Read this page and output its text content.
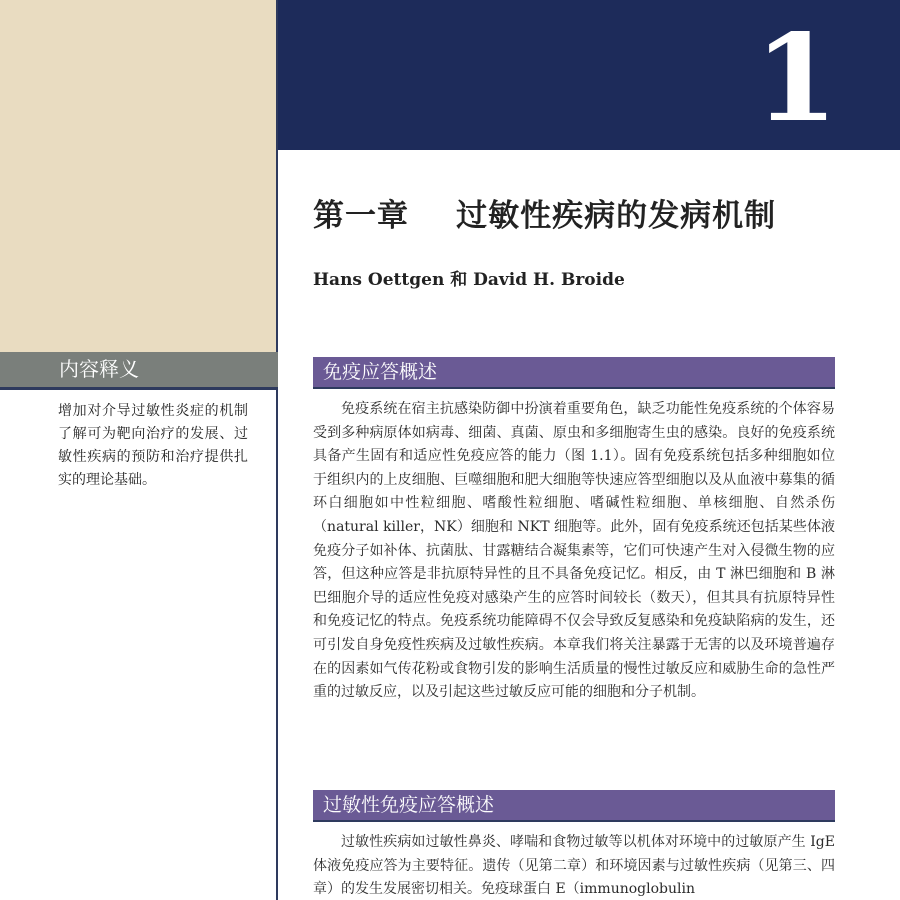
内容释义
增加对介导过敏性炎症的机制了解可为靶向治疗的发展、过敏性疾病的预防和治疗提供扎实的理论基础。
1
第一章    过敏性疾病的发病机制
Hans Oettgen 和 David H. Broide
免疫应答概述
免疫系统在宿主抗感染防御中扮演着重要角色，缺乏功能性免疫系统的个体容易受到多种病原体如病毒、细菌、真菌、原虫和多细胞寄生虫的感染。良好的免疫系统具备产生固有和适应性免疫应答的能力（图 1.1）。固有免疫系统包括多种细胞如位于组织内的上皮细胞、巨噬细胞和肥大细胞等快速应答型细胞以及从血液中募集的循环白细胞如中性粒细胞、嗜酸性粒细胞、嗜碱性粒细胞、单核细胞、自然杀伤（natural killer，NK）细胞和 NKT 细胞等。此外，固有免疫系统还包括某些体液免疫分子如补体、抗菌肽、甘露糖结合凝集素等，它们可快速产生对入侵微生物的应答，但这种应答是非抗原特异性的且不具备免疫记忆。相反，由 T 淋巴细胞和 B 淋巴细胞介导的适应性免疫对感染产生的应答时间较长（数天），但其具有抗原特异性和免疫记忆的特点。免疫系统功能障碍不仅会导致反复感染和免疫缺陷病的发生，还可引发自身免疫性疾病及过敏性疾病。本章我们将关注暴露于无害的以及环境普遍存在的因素如气传花粉或食物引发的影响生活质量的慢性过敏反应和威胁生命的急性严重的过敏反应，以及引起这些过敏反应可能的细胞和分子机制。
过敏性免疫应答概述
过敏性疾病如过敏性鼻炎、哮喘和食物过敏等以机体对环境中的过敏原产生 IgE 体液免疫应答为主要特征。遗传（见第二章）和环境因素与过敏性疾病（见第三、四章）的发生发展密切相关。免疫球蛋白 E（immunoglobulin
